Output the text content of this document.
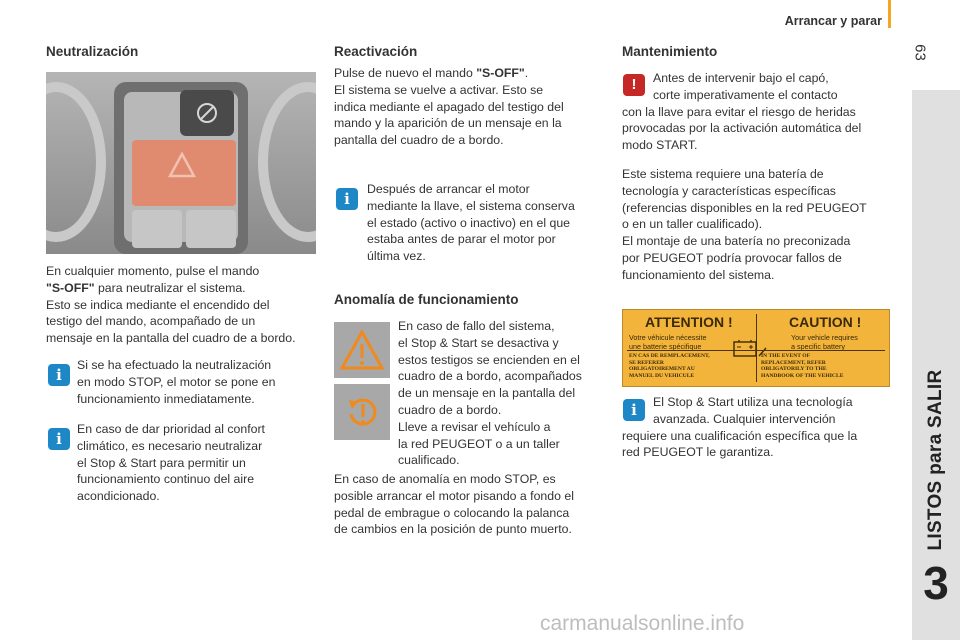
Arrancar y parar
63
LISTOS para SALIR
3
Neutralización
En cualquier momento, pulse el mando
"S-OFF" para neutralizar el sistema.
Esto se indica mediante el encendido del
testigo del mando, acompañado de un
mensaje en la pantalla del cuadro de a bordo.
i
Si se ha efectuado la neutralización
en modo STOP, el motor se pone en
funcionamiento inmediatamente.
i
En caso de dar prioridad al confort
climático, es necesario neutralizar
el Stop & Start para permitir un
funcionamiento continuo del aire
acondicionado.
Reactivación
Pulse de nuevo el mando "S-OFF".
El sistema se vuelve a activar. Esto se
indica mediante el apagado del testigo del
mando y la aparición de un mensaje en la
pantalla del cuadro de a bordo.
i
Después de arrancar el motor
mediante la llave, el sistema conserva
el estado (activo o inactivo) en el que
estaba antes de parar el motor por
última vez.
Anomalía de funcionamiento
En caso de fallo del sistema,
el Stop & Start se desactiva y
estos testigos se encienden en el
cuadro de a bordo, acompañados
de un mensaje en la pantalla del
cuadro de a bordo.
Lleve a revisar el vehículo a
la red PEUGEOT o a un taller
cualificado.
En caso de anomalía en modo STOP, es
posible arrancar el motor pisando a fondo el
pedal de embrague o colocando la palanca
de cambios en la posición de punto muerto.
Mantenimiento
!	Antes de intervenir bajo el capó,
corte imperativamente el contacto
con la llave para evitar el riesgo de heridas
provocadas por la activación automática del
modo START.
Este sistema requiere una batería de
tecnología y características específicas
(referencias disponibles en la red PEUGEOT
o en un taller cualificado).
El montaje de una batería no preconizada
por PEUGEOT podría provocar fallos de
funcionamiento del sistema.
ATTENTION !	CAUTION !
Votre véhicule nécessite
une batterie spécifique
Your vehicle requires
a specific battery
EN CAS DE REMPLACEMENT,
SE REFERER
OBLIGATOIREMENT AU
MANUEL DU VEHICULE
IN THE EVENT OF
REPLACEMENT, REFER
OBLIGATORILY TO THE
HANDBOOK OF THE VEHICLE
i	El Stop & Start utiliza una tecnología
avanzada. Cualquier intervención
requiere una cualificación específica que la
red PEUGEOT le garantiza.
carmanualsonline.info
